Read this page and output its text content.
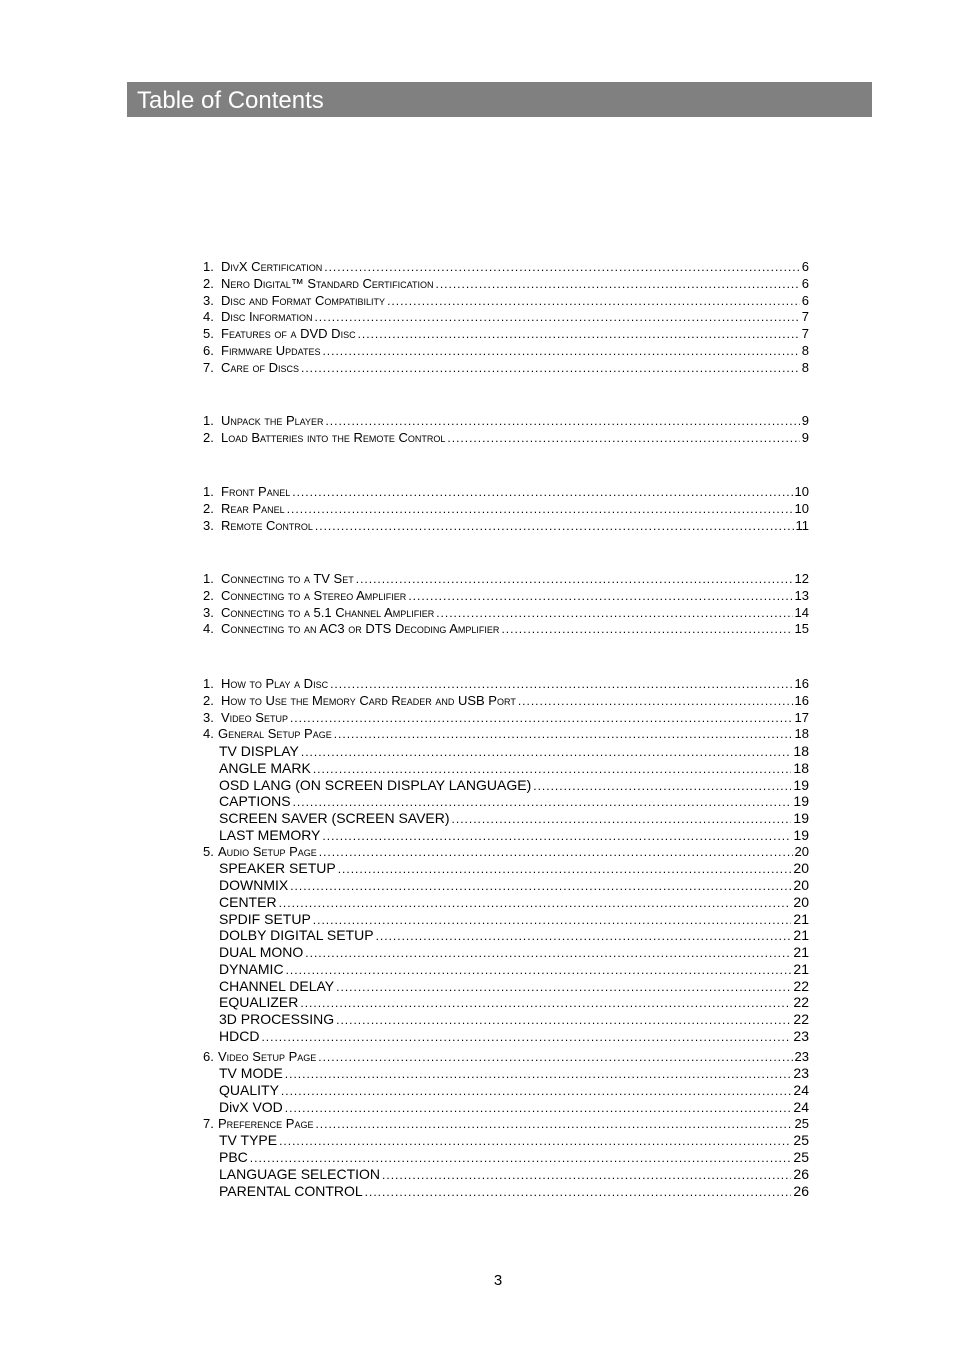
Table of Contents
1. DivX Certification .....	6
2. Nero Digital™ Standard Certification .....	6
3. Disc and Format Compatibility .....	6
4. Disc Information .....	7
5. Features of a DVD Disc .....	7
6. Firmware Updates .....	8
7. Care of Discs .....	8
1. Unpack the Player .....	9
2. Load Batteries into the Remote Control .....	9
1. Front Panel .....	10
2. Rear Panel .....	10
3. Remote Control .....	11
1. Connecting to a TV Set .....	12
2. Connecting to a Stereo Amplifier .....	13
3. Connecting to a 5.1 Channel Amplifier .....	14
4. Connecting to an AC3 or DTS Decoding Amplifier .....	15
1. How to Play a Disc .....	16
2. How to Use the Memory Card Reader and USB Port .....	16
3. Video Setup .....	17
4. General Setup Page .....	18
TV DISPLAY .....	18
ANGLE MARK .....	18
OSD LANG (ON SCREEN DISPLAY LANGUAGE) .....	19
CAPTIONS .....	19
SCREEN SAVER (SCREEN SAVER) .....	19
LAST MEMORY .....	19
5. Audio Setup Page .....	20
SPEAKER SETUP .....	20
DOWNMIX .....	20
CENTER .....	20
SPDIF SETUP .....	21
DOLBY DIGITAL SETUP .....	21
DUAL MONO .....	21
DYNAMIC .....	21
CHANNEL DELAY .....	22
EQUALIZER .....	22
3D PROCESSING .....	22
HDCD .....	23
6. Video Setup Page .....	23
TV MODE .....	23
QUALITY .....	24
DivX VOD .....	24
7. Preference Page .....	25
TV TYPE .....	25
PBC .....	25
LANGUAGE SELECTION .....	26
PARENTAL CONTROL .....	26
3
